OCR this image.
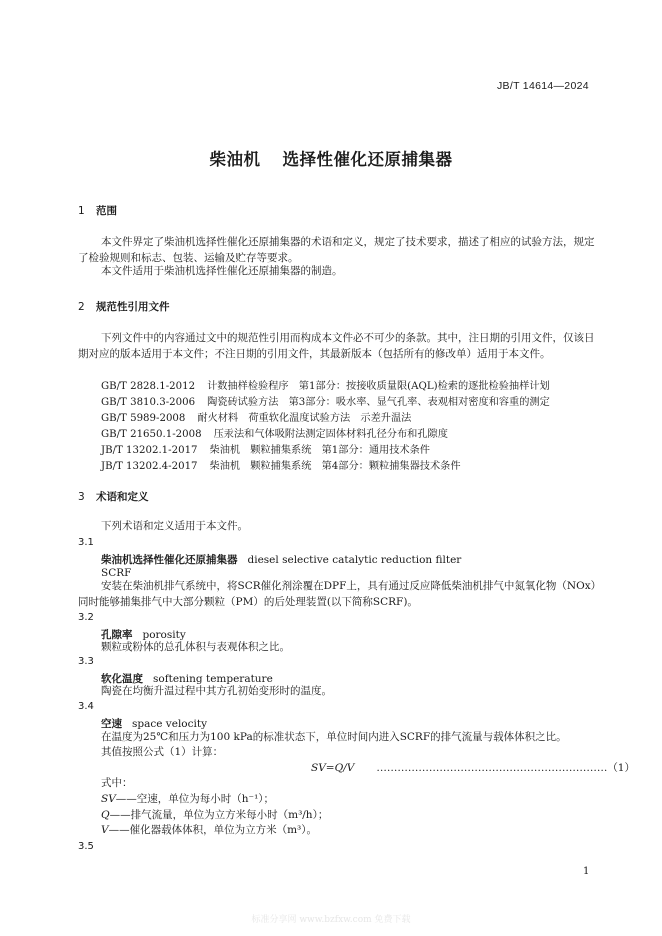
JB/T 14614—2024
柴油机 选择性催化还原捕集器
1 范围
本文件界定了柴油机选择性催化还原捕集器的术语和定义，规定了技术要求，描述了相应的试验方法，规定了检验规则和标志、包装、运输及贮存等要求。
本文件适用于柴油机选择性催化还原捕集器的制造。
2 规范性引用文件
下列文件中的内容通过文中的规范性引用而构成本文件必不可少的条款。其中，注日期的引用文件，仅该日期对应的版本适用于本文件；不注日期的引用文件，其最新版本（包括所有的修改单）适用于本文件。
GB/T 2828.1-2012 计数抽样检验程序　第1部分：按接收质量限(AQL)检索的逐批检验抽样计划
GB/T 3810.3-2006 陶瓷砖试验方法　第3部分：吸水率、显气孔率、表观相对密度和容重的测定
GB/T 5989-2008 耐火材料　荷重软化温度试验方法　示差升温法
GB/T 21650.1-2008 压汞法和气体吸附法测定固体材料孔径分布和孔隙度
JB/T 13202.1-2017 柴油机　颗粒捕集系统　第1部分：通用技术条件
JB/T 13202.4-2017 柴油机　颗粒捕集系统　第4部分：颗粒捕集器技术条件
3 术语和定义
下列术语和定义适用于本文件。
3.1
柴油机选择性催化还原捕集器 diesel selective catalytic reduction filter
SCRF
安装在柴油机排气系统中，将SCR催化剂涂覆在DPF上，具有通过反应降低柴油机排气中氮氧化物（NOx）同时能够捕集排气中大部分颗粒（PM）的后处理装置(以下简称SCRF)。
3.2
孔隙率 porosity
颗粒或粉体的总孔体积与表观体积之比。
3.3
软化温度 softening temperature
陶瓷在均衡升温过程中其方孔初始变形时的温度。
3.4
空速 space velocity
在温度为25℃和压力为100 kPa的标准状态下，单位时间内进入SCRF的排气流量与载体体积之比。
其值按照公式（1）计算：
SV=Q/V …………………………………………………………（1）
式中：
SV——空速，单位为每小时（h⁻¹）；
Q——排气流量，单位为立方米每小时（m³/h）；
V——催化器载体体积，单位为立方米（m³）。
3.5
1
标准分享网 www.bzfxw.com 免费下载
